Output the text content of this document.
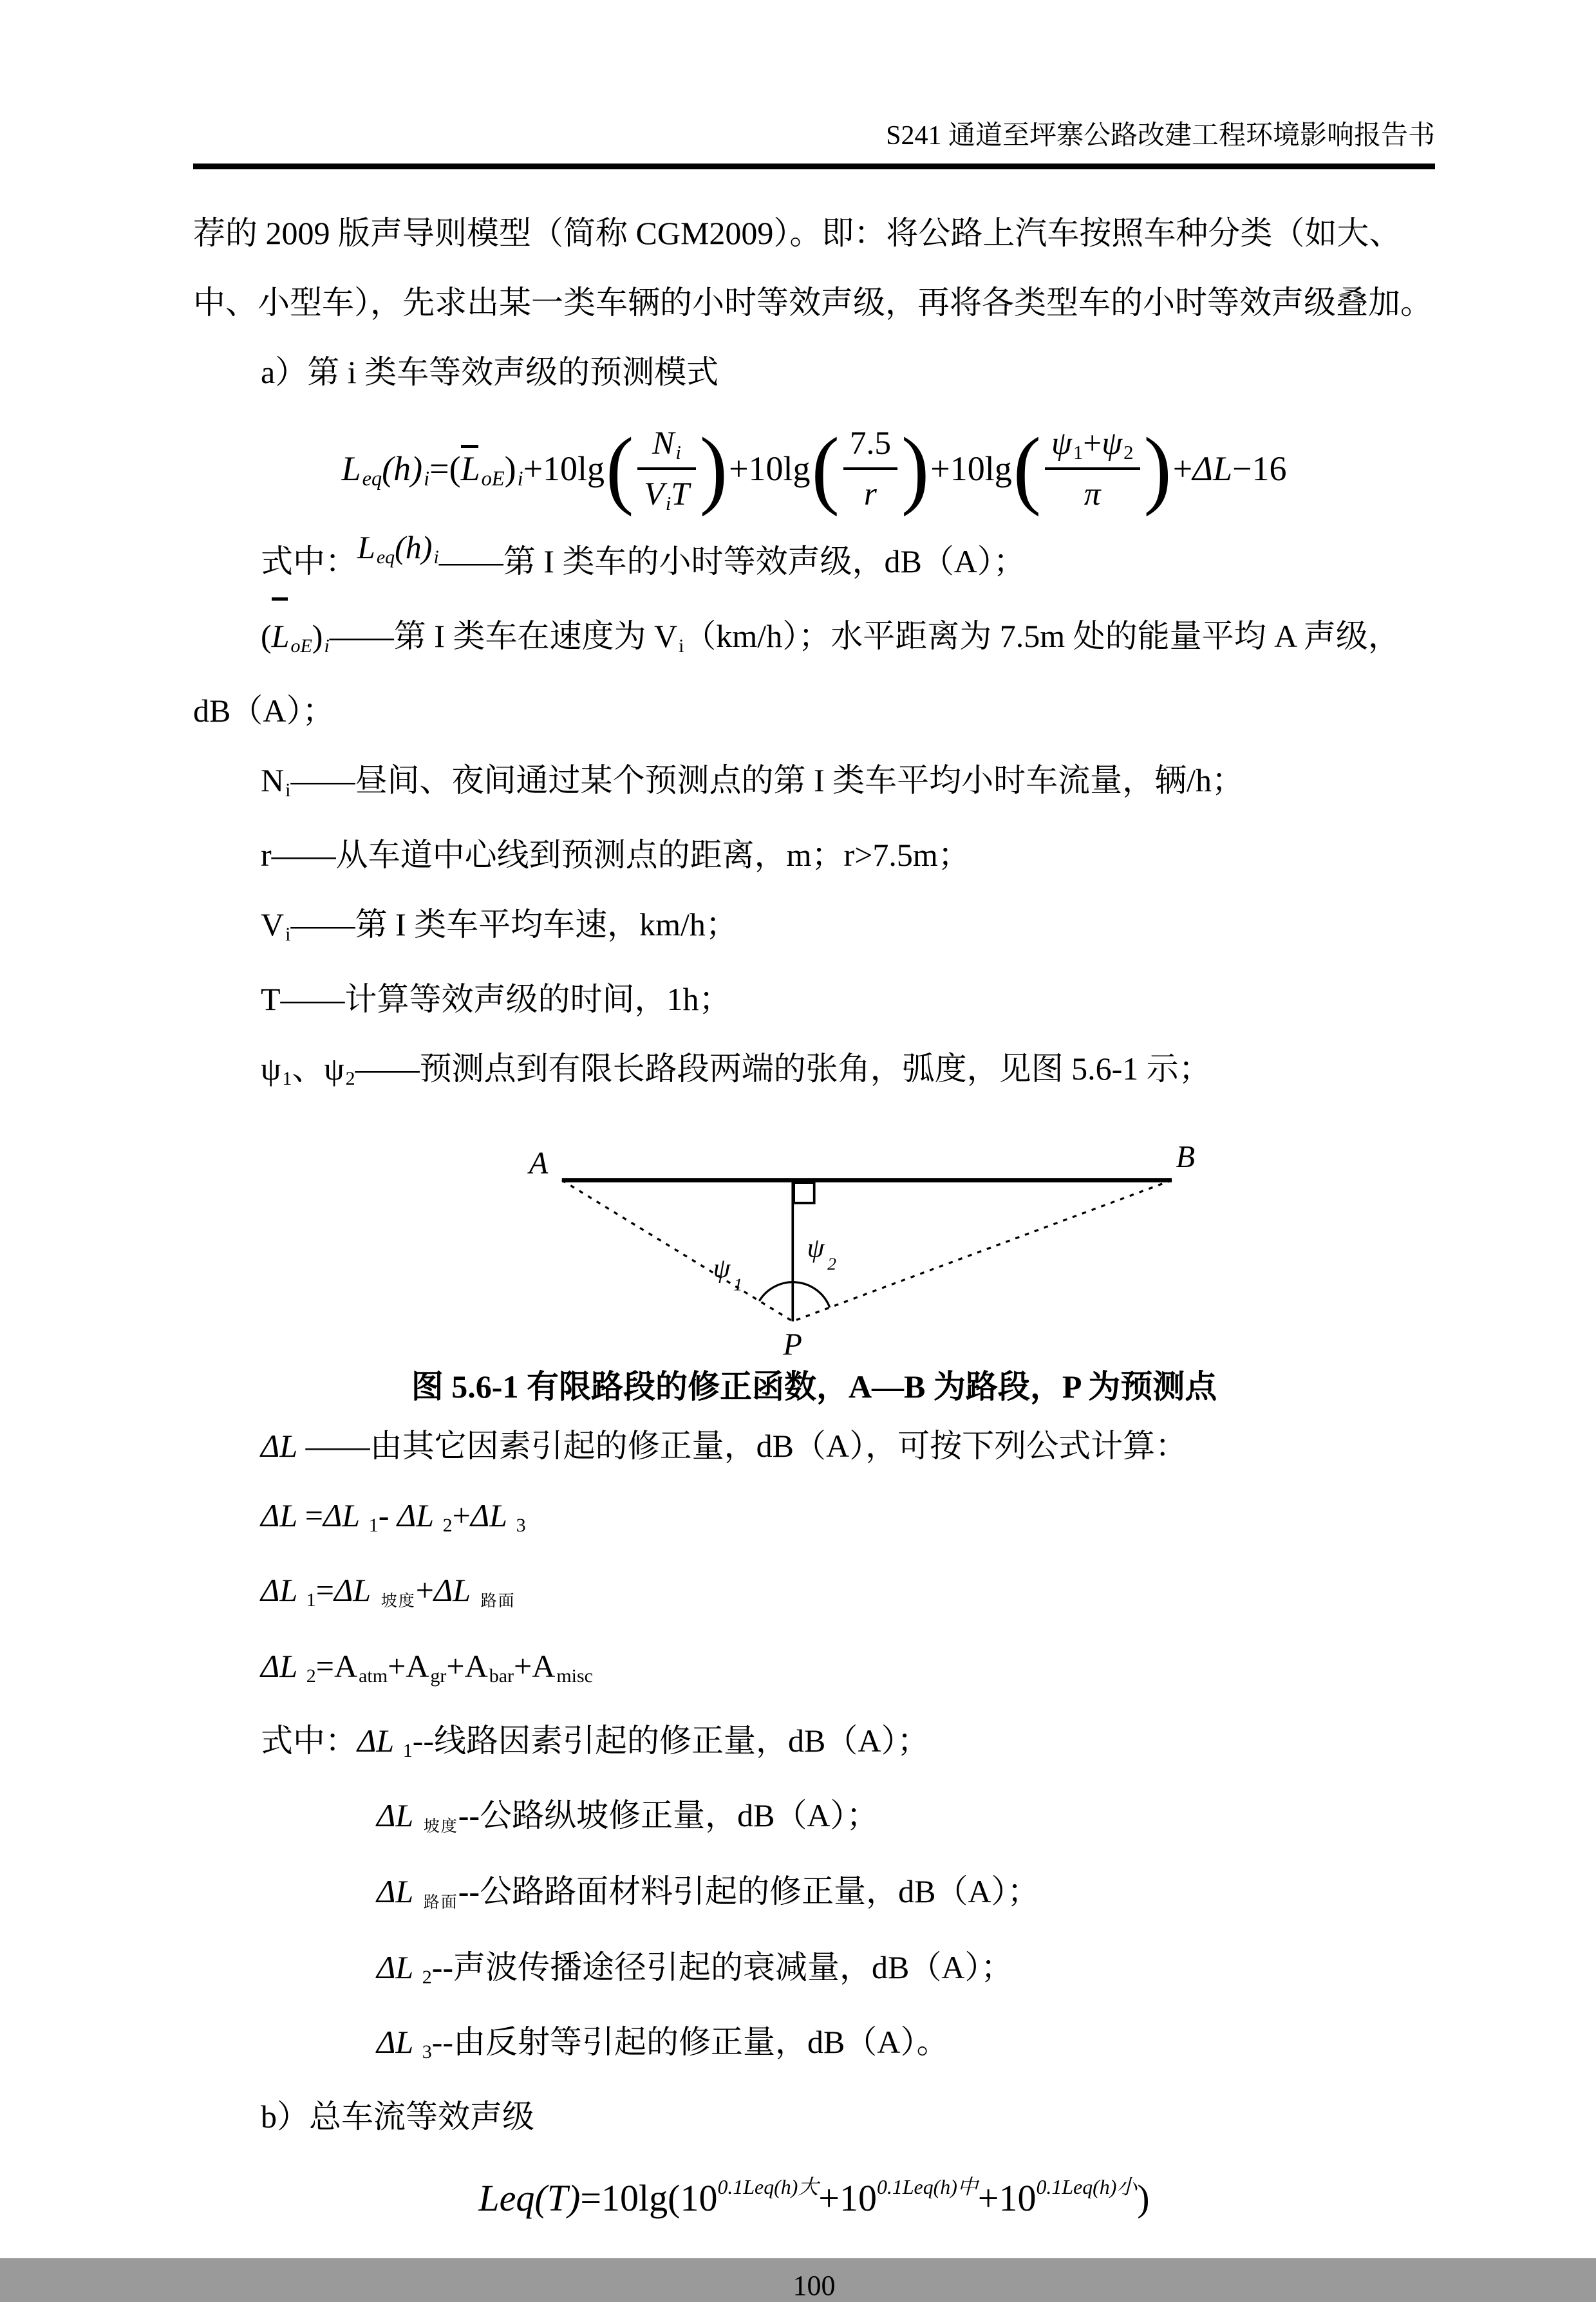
S241 通道至坪寨公路改建工程环境影响报告书
荐的 2009 版声导则模型（简称 CGM2009）。即：将公路上汽车按照车种分类（如大、
中、小型车），先求出某一类车辆的小时等效声级，再将各类型车的小时等效声级叠加。
a）第 i 类车等效声级的预测模式
Leq(h)i=(LoE)i+10lg ( $\frac{Ni}{\text{ViT}}$ ) +10lg ( $\frac{7.5}{r}$ ) +10lg ( $\frac{\psi 1+\psi 2}{\pi}$ ) +ΔL−16
式中：Leq(h)i——第 I 类车的小时等效声级，dB（A）；
(LoE)i——第 I 类车在速度为 Vi（km/h）；水平距离为 7.5m 处的能量平均 A 声级，
dB（A）；
Ni——昼间、夜间通过某个预测点的第 I 类车平均小时车流量，辆/h；
r——从车道中心线到预测点的距离，m；r>7.5m；
Vi——第 I 类车平均车速，km/h；
T——计算等效声级的时间，1h；
ψ1、ψ2——预测点到有限长路段两端的张角，弧度，见图 5.6-1 示；
A	B
P
ψ
1
ψ
2
图 5.6-1 有限路段的修正函数，A—B 为路段，P 为预测点
ΔL ——由其它因素引起的修正量，dB（A），可按下列公式计算：
ΔL =ΔL 1- ΔL 2+ΔL 3
ΔL 1=ΔL 坡度+ΔL 路面
ΔL 2=Aatm+Agr+Abar+Amisc
式中：ΔL 1--线路因素引起的修正量，dB（A）；
ΔL 坡度--公路纵坡修正量，dB（A）；
ΔL 路面--公路路面材料引起的修正量，dB（A）；
ΔL 2--声波传播途径引起的衰减量，dB（A）；
ΔL 3--由反射等引起的修正量，dB（A）。
b）总车流等效声级
Leq (T) =10lg( 10 0.1Leq(h)大 + 10 0.1Leq(h)中 + 10 0.1Leq(h)小 )
100
